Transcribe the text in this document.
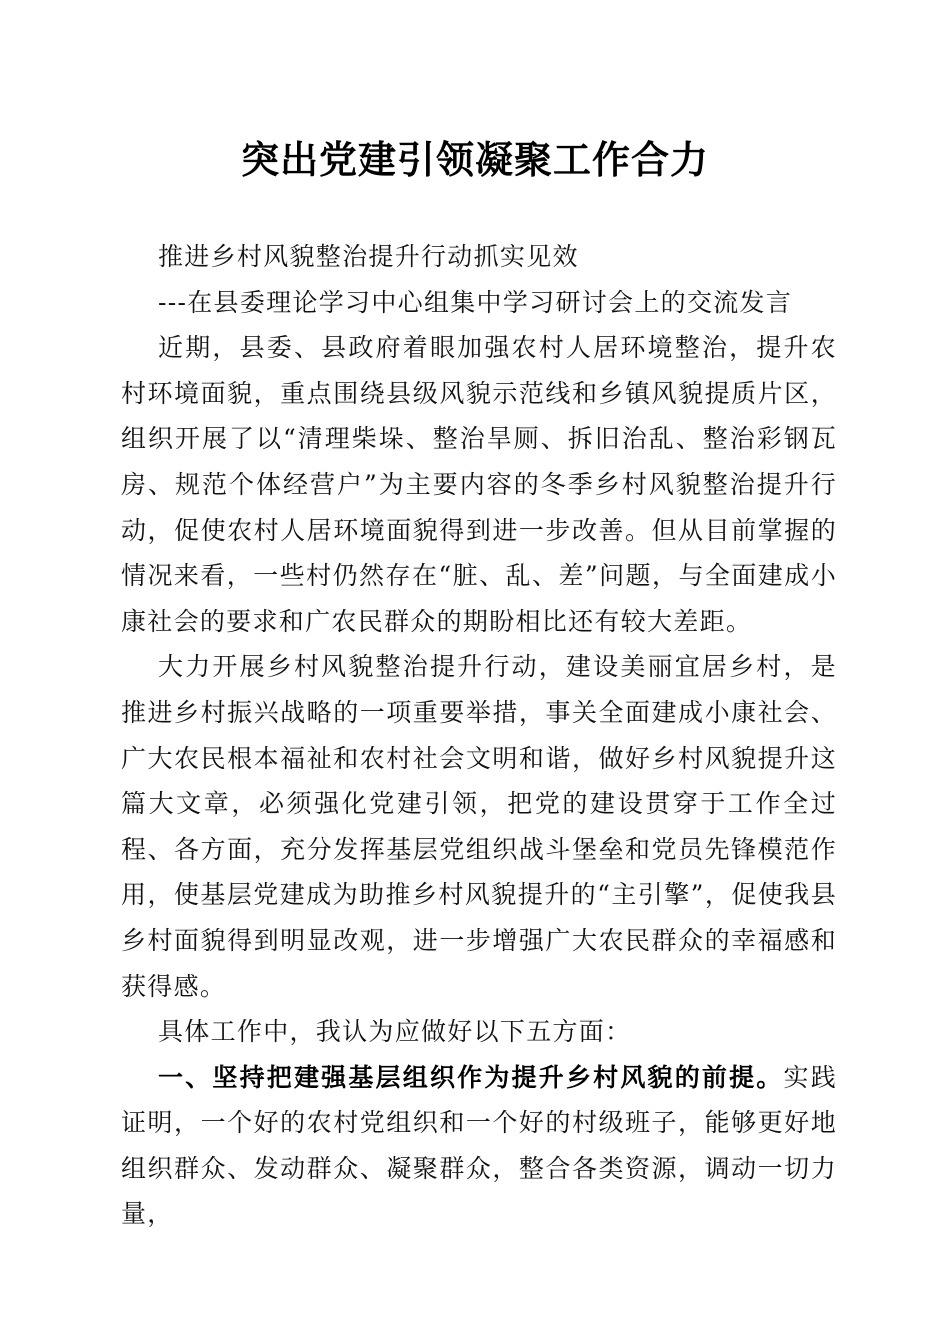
突出党建引领凝聚工作合力

推进乡村风貌整治提升行动抓实见效

---在县委理论学习中心组集中学习研讨会上的交流发言

近期，县委、县政府着眼加强农村人居环境整治，提升农村环境面貌，重点围绕县级风貌示范线和乡镇风貌提质片区，组织开展了以“清理柴垛、整治旱厕、拆旧治乱、整治彩钢瓦房、规范个体经营户”为主要内容的冬季乡村风貌整治提升行动，促使农村人居环境面貌得到进一步改善。但从目前掌握的情况来看，一些村仍然存在“脏、乱、差”问题，与全面建成小康社会的要求和广农民群众的期盼相比还有较大差距。

大力开展乡村风貌整治提升行动，建设美丽宜居乡村，是推进乡村振兴战略的一项重要举措，事关全面建成小康社会、广大农民根本福祉和农村社会文明和谐，做好乡村风貌提升这篇大文章，必须强化党建引领，把党的建设贯穿于工作全过程、各方面，充分发挥基层党组织战斗堡垒和党员先锋模范作用，使基层党建成为助推乡村风貌提升的“主引擎”，促使我县乡村面貌得到明显改观，进一步增强广大农民群众的幸福感和获得感。

具体工作中，我认为应做好以下五方面：

一、坚持把建强基层组织作为提升乡村风貌的前提。实践证明，一个好的农村党组织和一个好的村级班子，能够更好地组织群众、发动群众、凝聚群众，整合各类资源，调动一切力量，
